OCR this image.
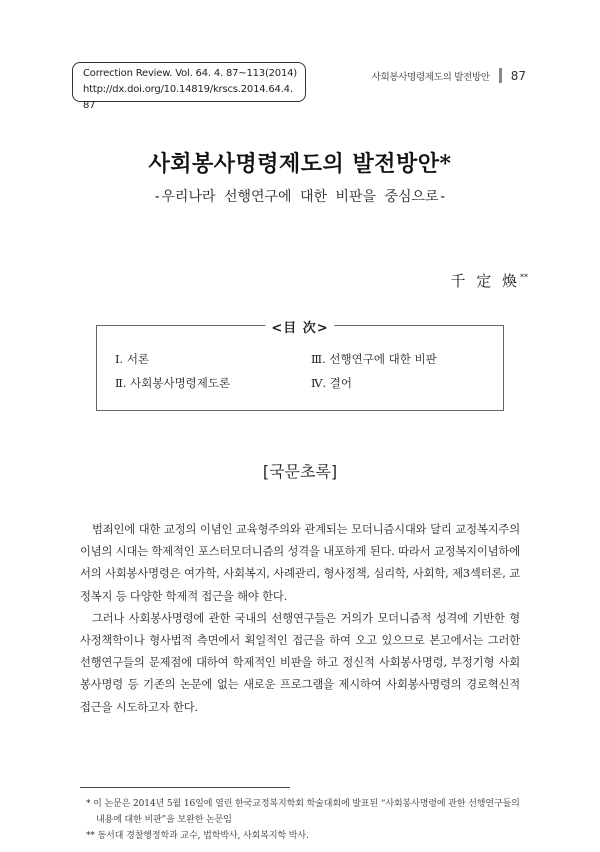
Correction Review. Vol. 64. 4. 87~113(2014)
http://dx.doi.org/10.14819/krscs.2014.64.4. 87
사회봉사명령제도의 발전방안 87
사회봉사명령제도의 발전방안*
-우리나라 선행연구에 대한 비판을 중심으로-
千 定 煥**
<目 次>
Ⅰ. 서론	Ⅲ. 선행연구에 대한 비판
Ⅱ. 사회봉사명령제도론	Ⅳ. 결어
[국문초록]

범죄인에 대한 교정의 이념인 교육형주의와 관계되는 모더니즘시대와 달리 교정복지주의 이념의 시대는 학제적인 포스터모더니즘의 성격을 내포하게 된다. 따라서 교정복지이념하에서의 사회봉사명령은 여가학, 사회복지, 사례관리, 형사정책, 심리학, 사회학, 제3섹터론, 교정복지 등 다양한 학제적 접근을 해야 한다.

그러나 사회봉사명령에 관한 국내의 선행연구들은 거의가 모더니즘적 성격에 기반한 형사정책학이나 형사법적 측면에서 획일적인 접근을 하여 오고 있으므로 본고에서는 그러한 선행연구들의 문제점에 대하여 학제적인 비판을 하고 정신적 사회봉사명령, 부정기형 사회봉사명령 등 기존의 논문에 없는 새로운 프로그램을 제시하여 사회봉사명령의 경로혁신적 접근을 시도하고자 한다.

* 이 논문은 2014년 5월 16일에 열린 한국교정복지학회 학술대회에 발표된 “사회봉사명령에 관한 선행연구들의 내용에 대한 비판”을 보완한 논문임

** 동서대 경찰행정학과 교수, 법학박사, 사회복지학 박사.
